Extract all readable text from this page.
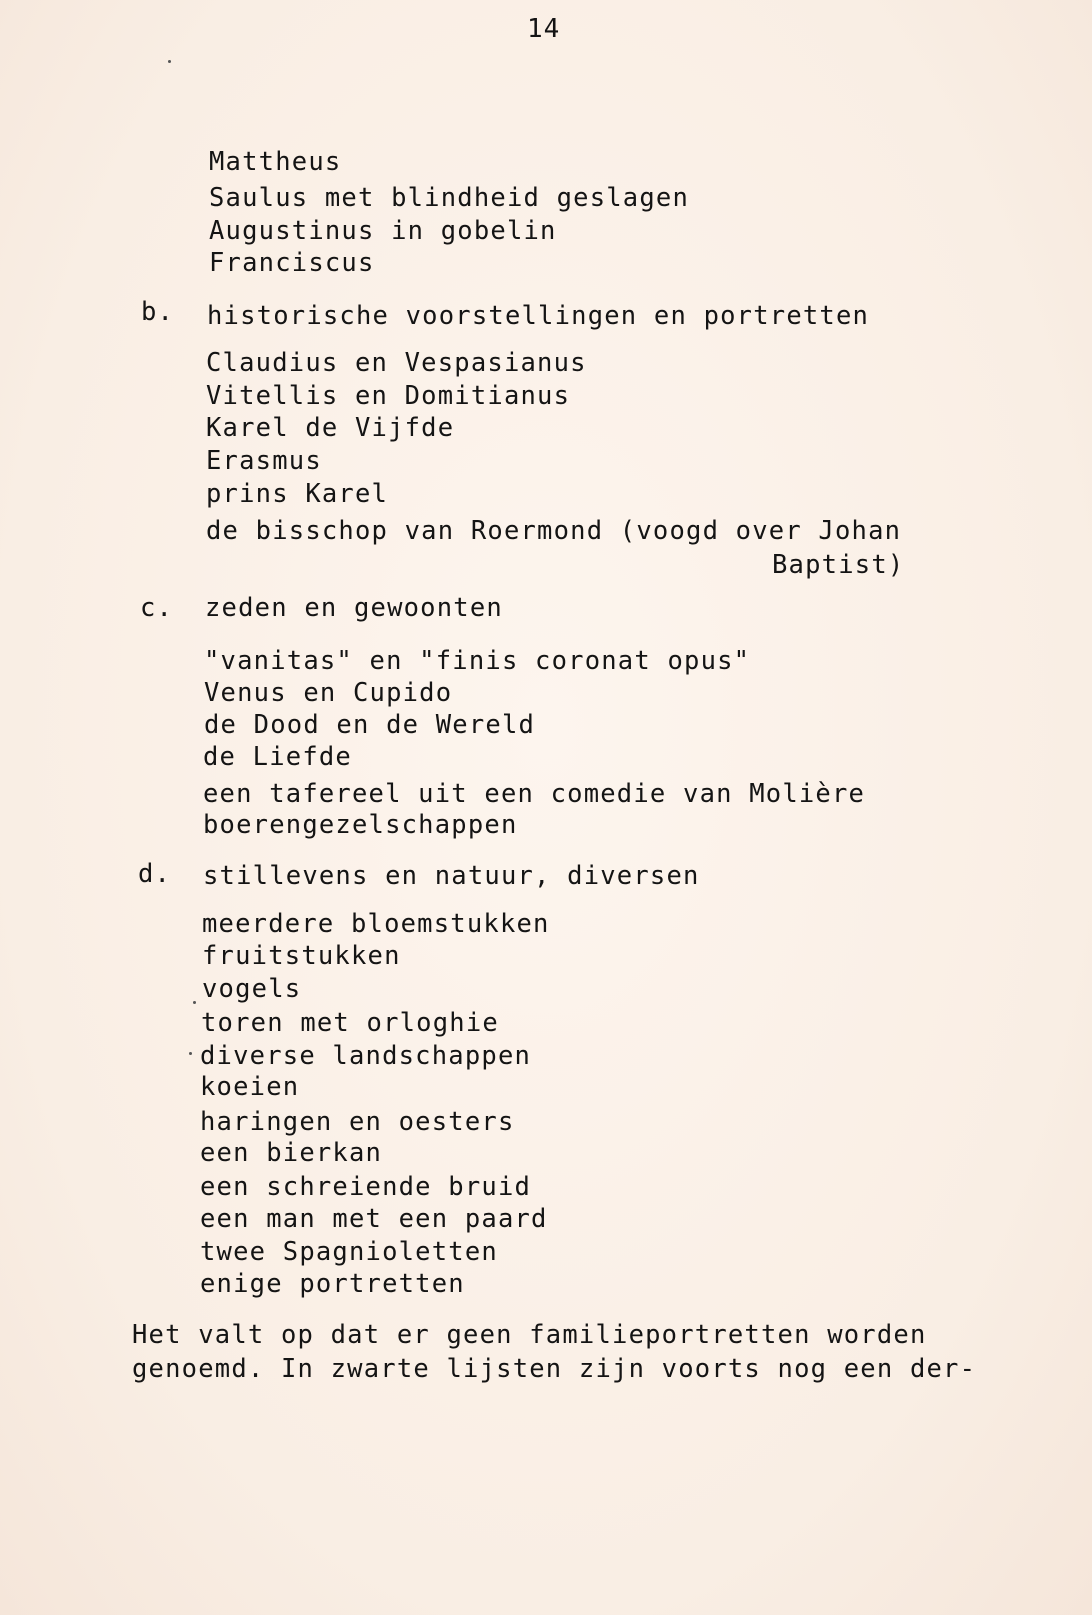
14
Mattheus
Saulus met blindheid geslagen
Augustinus in gobelin
Franciscus
b. historische voorstellingen en portretten
Claudius en Vespasianus
Vitellis en Domitianus
Karel de Vijfde
Erasmus
prins Karel
de bisschop van Roermond (voogd over Johan
Baptist)
c. zeden en gewoonten
"vanitas" en "finis coronat opus"
Venus en Cupido
de Dood en de Wereld
de Liefde
een tafereel uit een comedie van Molière
boerengezelschappen
d. stillevens en natuur, diversen
meerdere bloemstukken
fruitstukken
vogels
toren met orloghie
diverse landschappen
koeien
haringen en oesters
een bierkan
een schreiende bruid
een man met een paard
twee Spagnioletten
enige portretten
Het valt op dat er geen familieportretten worden
genoemd. In zwarte lijsten zijn voorts nog een der-
